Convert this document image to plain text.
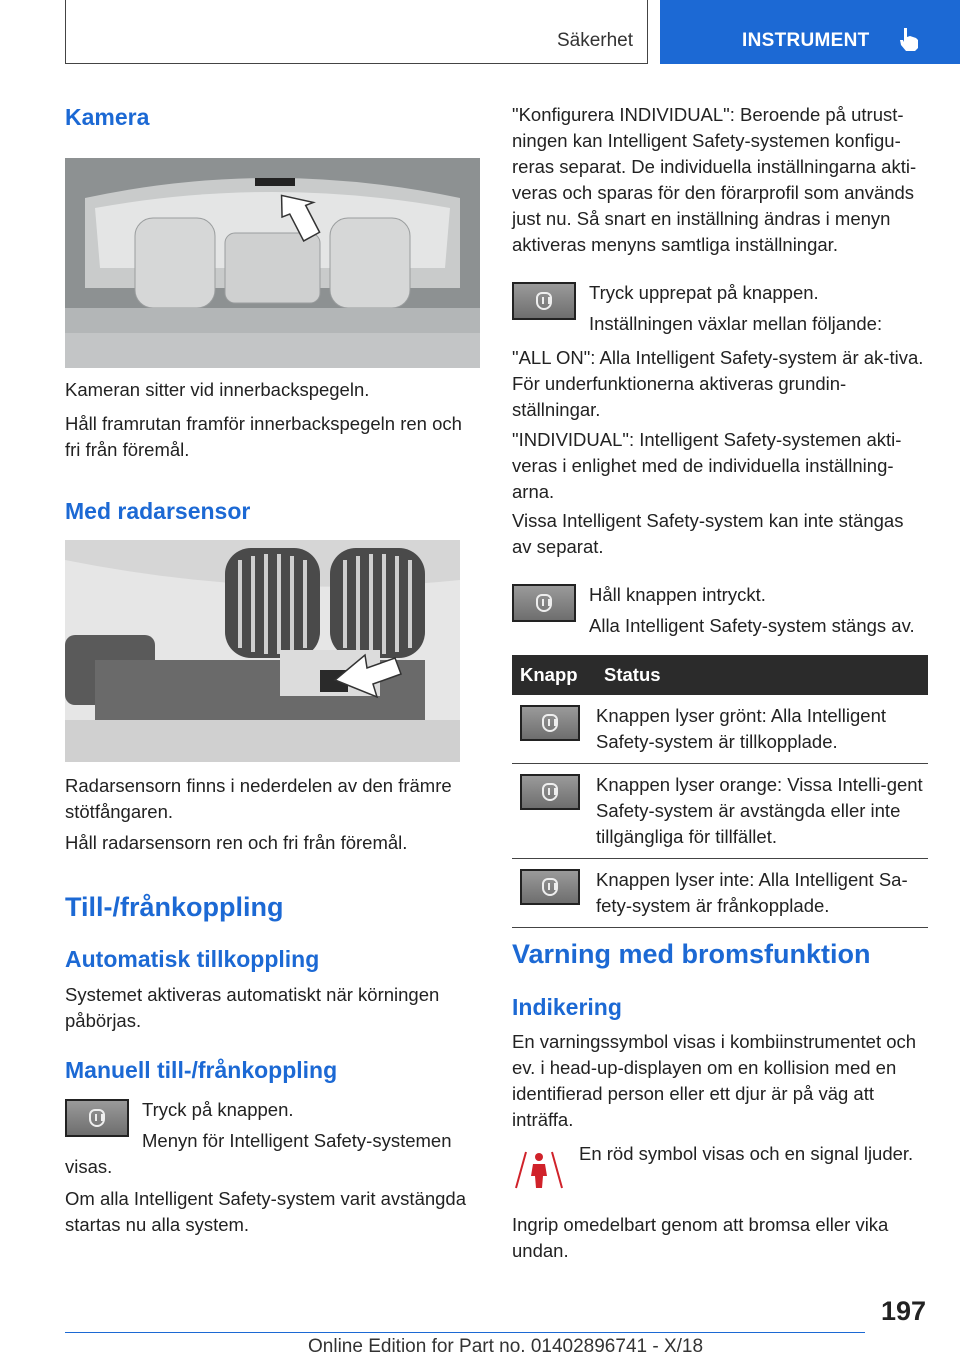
Säkerhet	INSTRUMENT
Kamera

Kameran sitter vid innerbackspegeln.

Håll framrutan framför innerbackspegeln ren och fri från föremål.

Med radarsensor

Radarsensorn finns i nederdelen av den främre stötfångaren.

Håll radarsensorn ren och fri från föremål.

Till-/frånkoppling
Automatisk tillkoppling

Systemet aktiveras automatiskt när körningen påbörjas.

Manuell till-/frånkoppling

Tryck på knappen.

Menyn för Intelligent Safety-systemen visas.

Om alla Intelligent Safety-system varit avstängda startas nu alla system.

"Konfigurera INDIVIDUAL": Beroende på utrust-ningen kan Intelligent Safety-systemen konfigu-reras separat. De individuella inställningarna akti-veras och sparas för den förarprofil som används just nu. Så snart en inställning ändras i menyn aktiveras menyns samtliga inställningar.

Tryck upprepat på knappen.

Inställningen växlar mellan följande:

"ALL ON": Alla Intelligent Safety-system är ak-tiva. För underfunktionerna aktiveras grundin-ställningar.

"INDIVIDUAL": Intelligent Safety-systemen akti-veras i enlighet med de individuella inställning-arna.

Vissa Intelligent Safety-system kan inte stängas av separat.

Håll knappen intryckt.

Alla Intelligent Safety-system stängs av.

Knapp	Status

	Knappen lyser grönt: Alla Intelligent Safety-system är tillkopplade.

	Knappen lyser orange: Vissa Intelli-gent Safety-system är avstängda eller inte tillgängliga för tillfället.

	Knappen lyser inte: Alla Intelligent Sa-fety-system är frånkopplade.
Varning med bromsfunktion
Indikering

En varningssymbol visas i kombiinstrumentet och ev. i head-up-displayen om en kollision med en identifierad person eller ett djur är på väg att inträffa.

En röd symbol visas och en signal ljuder.

Ingrip omedelbart genom att bromsa eller vika undan.

197
Online Edition for Part no. 01402896741 - X/18
